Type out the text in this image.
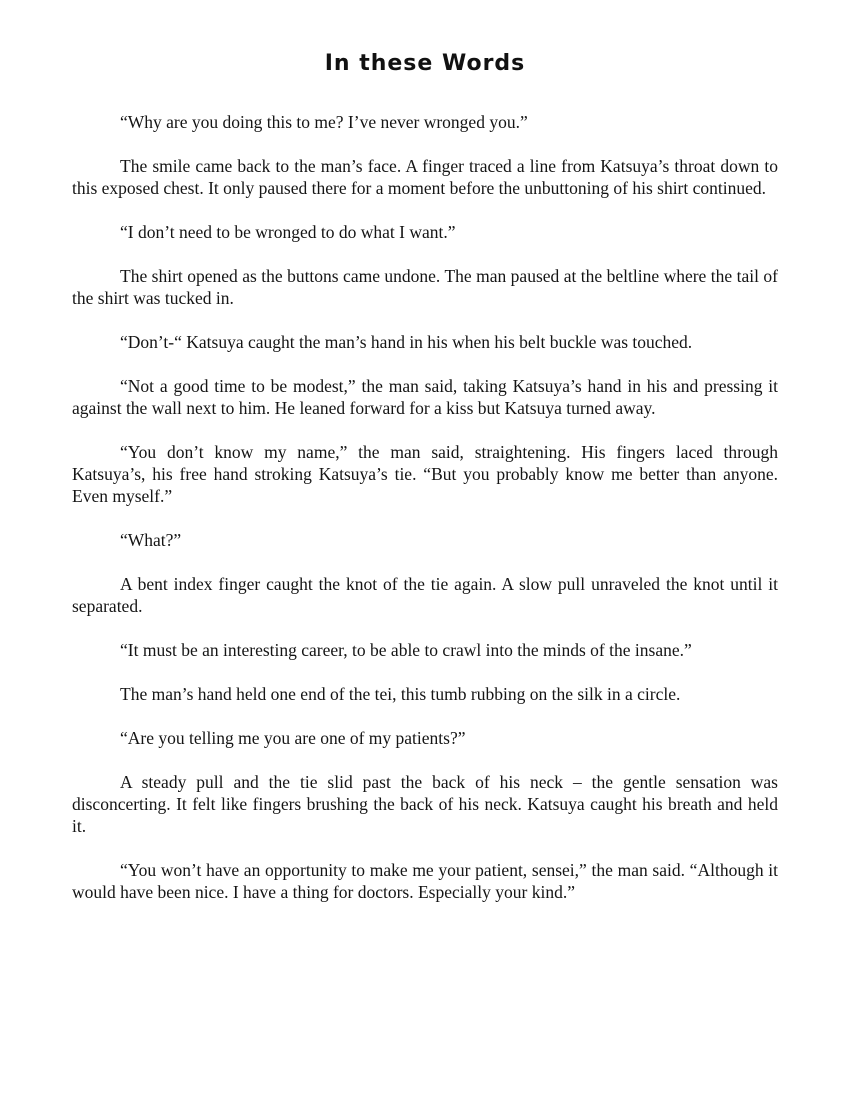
In these Words

“Why are you doing this to me? I’ve never wronged you.”

The smile came back to the man’s face. A finger traced a line from Katsuya’s throat down to this exposed chest. It only paused there for a moment before the unbuttoning of his shirt continued.

“I don’t need to be wronged to do what I want.”

The shirt opened as the buttons came undone. The man paused at the beltline where the tail of the shirt was tucked in.

“Don’t-“ Katsuya caught the man’s hand in his when his belt buckle was touched.

“Not a good time to be modest,” the man said, taking Katsuya’s hand in his and pressing it against the wall next to him. He leaned forward for a kiss but Katsuya turned away.

“You don’t know my name,” the man said, straightening. His fingers laced through Katsuya’s, his free hand stroking Katsuya’s tie. “But you probably know me better than anyone. Even myself.”

“What?”

A bent index finger caught the knot of the tie again. A slow pull unraveled the knot until it separated.

“It must be an interesting career, to be able to crawl into the minds of the insane.”

The man’s hand held one end of the tei, this tumb rubbing on the silk in a circle.

“Are you telling me you are one of my patients?”

A steady pull and the tie slid past the back of his neck – the gentle sensation was disconcerting. It felt like fingers brushing the back of his neck. Katsuya caught his breath and held it.

“You won’t have an opportunity to make me your patient, sensei,” the man said. “Although it would have been nice. I have a thing for doctors. Especially your kind.”
